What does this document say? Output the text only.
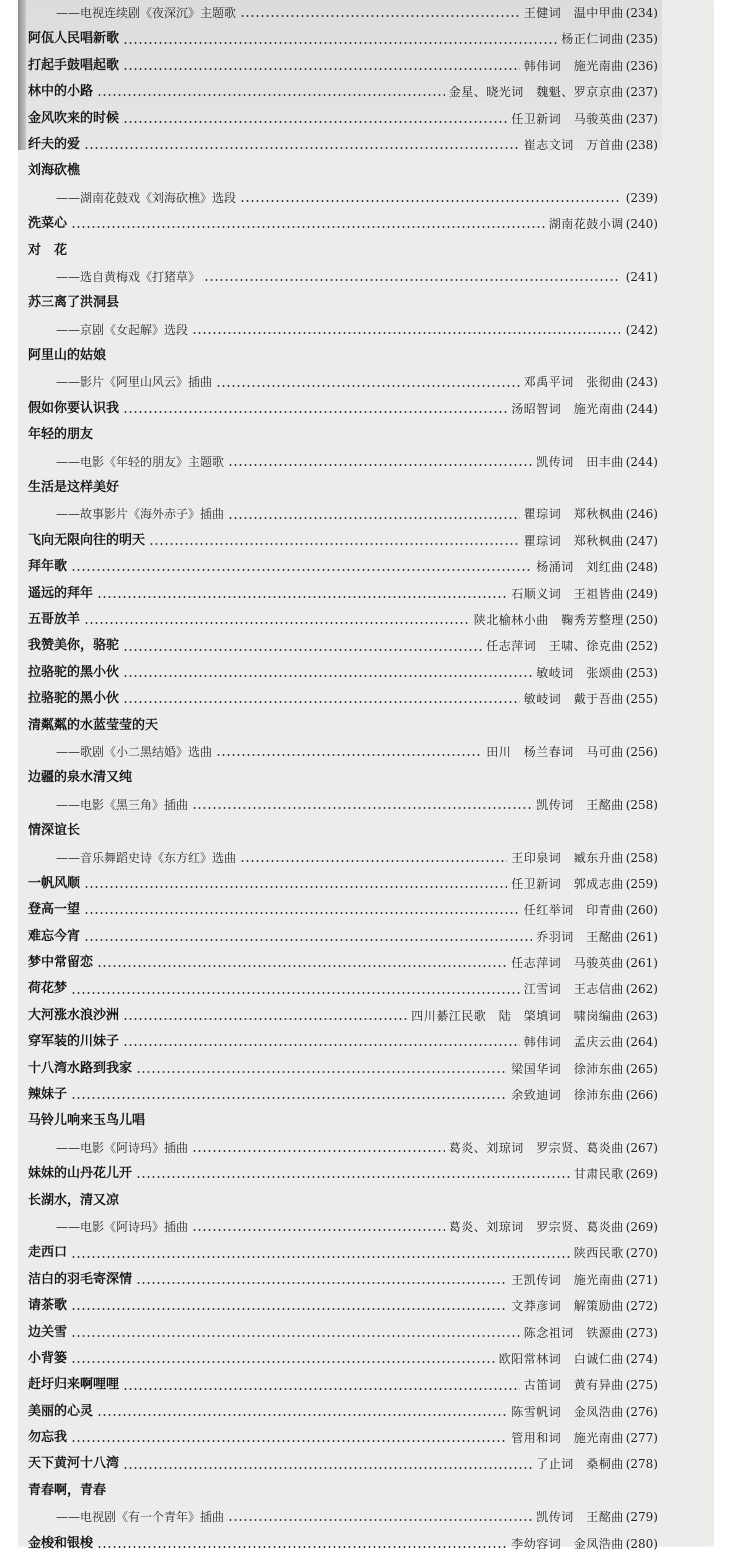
——电视连续剧《夜深沉》主题歌	王健词　温中甲曲 (234)
阿佤人民唱新歌	杨正仁词曲 (235)
打起手鼓唱起歌	韩伟词　施光南曲 (236)
林中的小路	金星、晓光词　魏魁、罗京京曲 (237)
金风吹来的时候	任卫新词　马骏英曲 (237)
纤夫的爱	崔志文词　万首曲 (238)
刘海砍樵
——湖南花鼓戏《刘海砍樵》选段	(239)
洗菜心	湖南花鼓小调 (240)
对　花
——选自黄梅戏《打猪草》	(241)
苏三离了洪洞县
——京剧《女起解》选段	(242)
阿里山的姑娘
——影片《阿里山风云》插曲	邓禹平词　张彻曲 (243)
假如你要认识我	汤昭智词　施光南曲 (244)
年轻的朋友
——电影《年轻的朋友》主题歌	凯传词　田丰曲 (244)
生活是这样美好
——故事影片《海外赤子》插曲	瞿琮词　郑秋枫曲 (246)
飞向无限向往的明天	瞿琮词　郑秋枫曲 (247)
拜年歌	杨涌词　刘红曲 (248)
遥远的拜年	石顺义词　王祖皆曲 (249)
五哥放羊	陕北榆林小曲　鞠秀芳整理 (250)
我赞美你，骆驼	任志萍词　王啸、徐克曲 (252)
拉骆驼的黑小伙	敏岐词　张颂曲 (253)
拉骆驼的黑小伙	敏岐词　戴于吾曲 (255)
清粼粼的水蓝莹莹的天
——歌剧《小二黑结婚》选曲	田川　杨兰春词　马可曲 (256)
边疆的泉水清又纯
——电影《黑三角》插曲	凯传词　王酩曲 (258)
情深谊长
——音乐舞蹈史诗《东方红》选曲	王印泉词　臧东升曲 (258)
一帆风顺	任卫新词　郭成志曲 (259)
登高一望	任红举词　印青曲 (260)
难忘今宵	乔羽词　王酩曲 (261)
梦中常留恋	任志萍词　马骏英曲 (261)
荷花梦	江雪词　王志信曲 (262)
大河涨水浪沙洲	四川綦江民歌　陆　棨填词　啸岗编曲 (263)
穿军装的川妹子	韩伟词　孟庆云曲 (264)
十八湾水路到我家	梁国华词　徐沛东曲 (265)
辣妹子	余致迪词　徐沛东曲 (266)
马铃儿响来玉鸟儿唱
——电影《阿诗玛》插曲	葛炎、刘琼词　罗宗贤、葛炎曲 (267)
妹妹的山丹花儿开	甘肃民歌 (269)
长湖水，清又凉
——电影《阿诗玛》插曲	葛炎、刘琼词　罗宗贤、葛炎曲 (269)
走西口	陕西民歌 (270)
洁白的羽毛寄深情	王凯传词　施光南曲 (271)
请茶歌	文莽彦词　解策励曲 (272)
边关雪	陈念祖词　铁源曲 (273)
小背篓	欧阳常林词　白诚仁曲 (274)
赶圩归来啊哩哩	古笛词　黄有异曲 (275)
美丽的心灵	陈雪帆词　金凤浩曲 (276)
勿忘我	管用和词　施光南曲 (277)
天下黄河十八湾	了止词　桑桐曲 (278)
青春啊，青春
——电视剧《有一个青年》插曲	凯传词　王酩曲 (279)
金梭和银梭	李幼容词　金凤浩曲 (280)
